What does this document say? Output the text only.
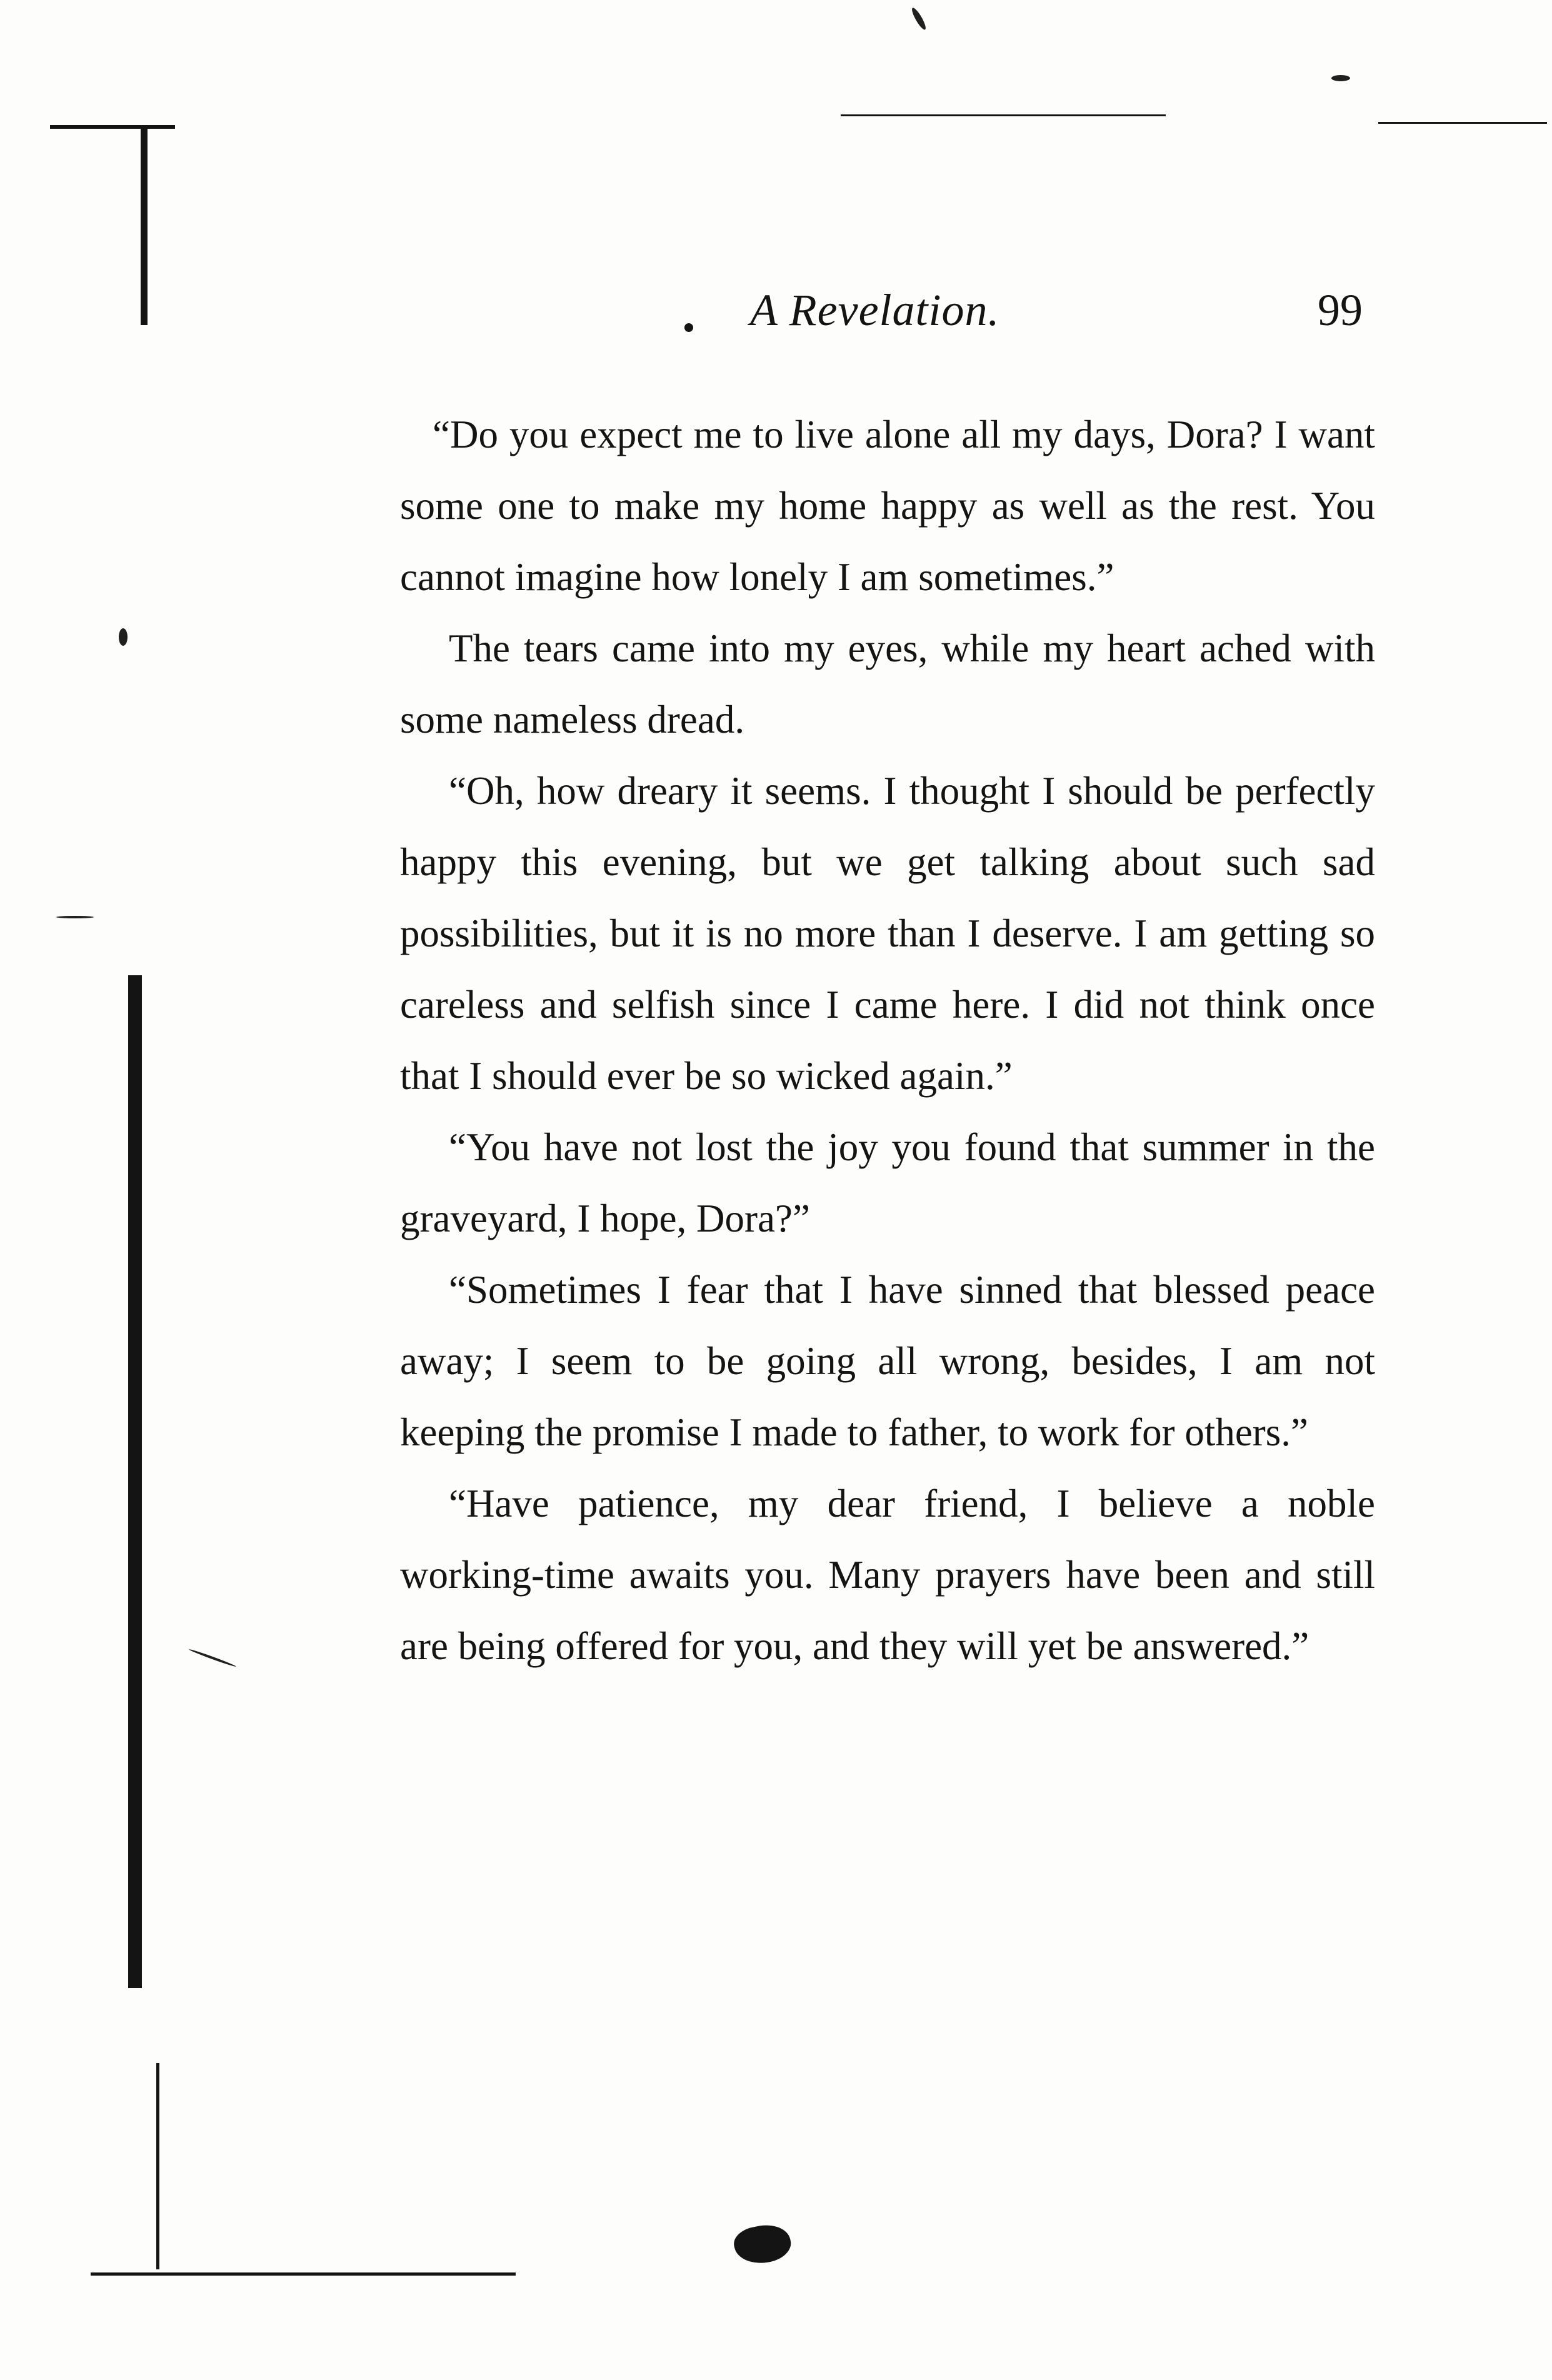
A Revelation.	99

“Do you expect me to live alone all my days, Dora? I want some one to make my home happy as well as the rest. You cannot imagine how lonely I am sometimes.”

The tears came into my eyes, while my heart ached with some nameless dread.

“Oh, how dreary it seems. I thought I should be perfectly happy this evening, but we get talking about such sad possibilities, but it is no more than I deserve. I am getting so careless and selfish since I came here. I did not think once that I should ever be so wicked again.”

“You have not lost the joy you found that summer in the graveyard, I hope, Dora?”

“Sometimes I fear that I have sinned that blessed peace away; I seem to be going all wrong, besides, I am not keeping the promise I made to father, to work for others.”

“Have patience, my dear friend, I believe a noble working-time awaits you. Many prayers have been and still are being offered for you, and they will yet be answered.”
